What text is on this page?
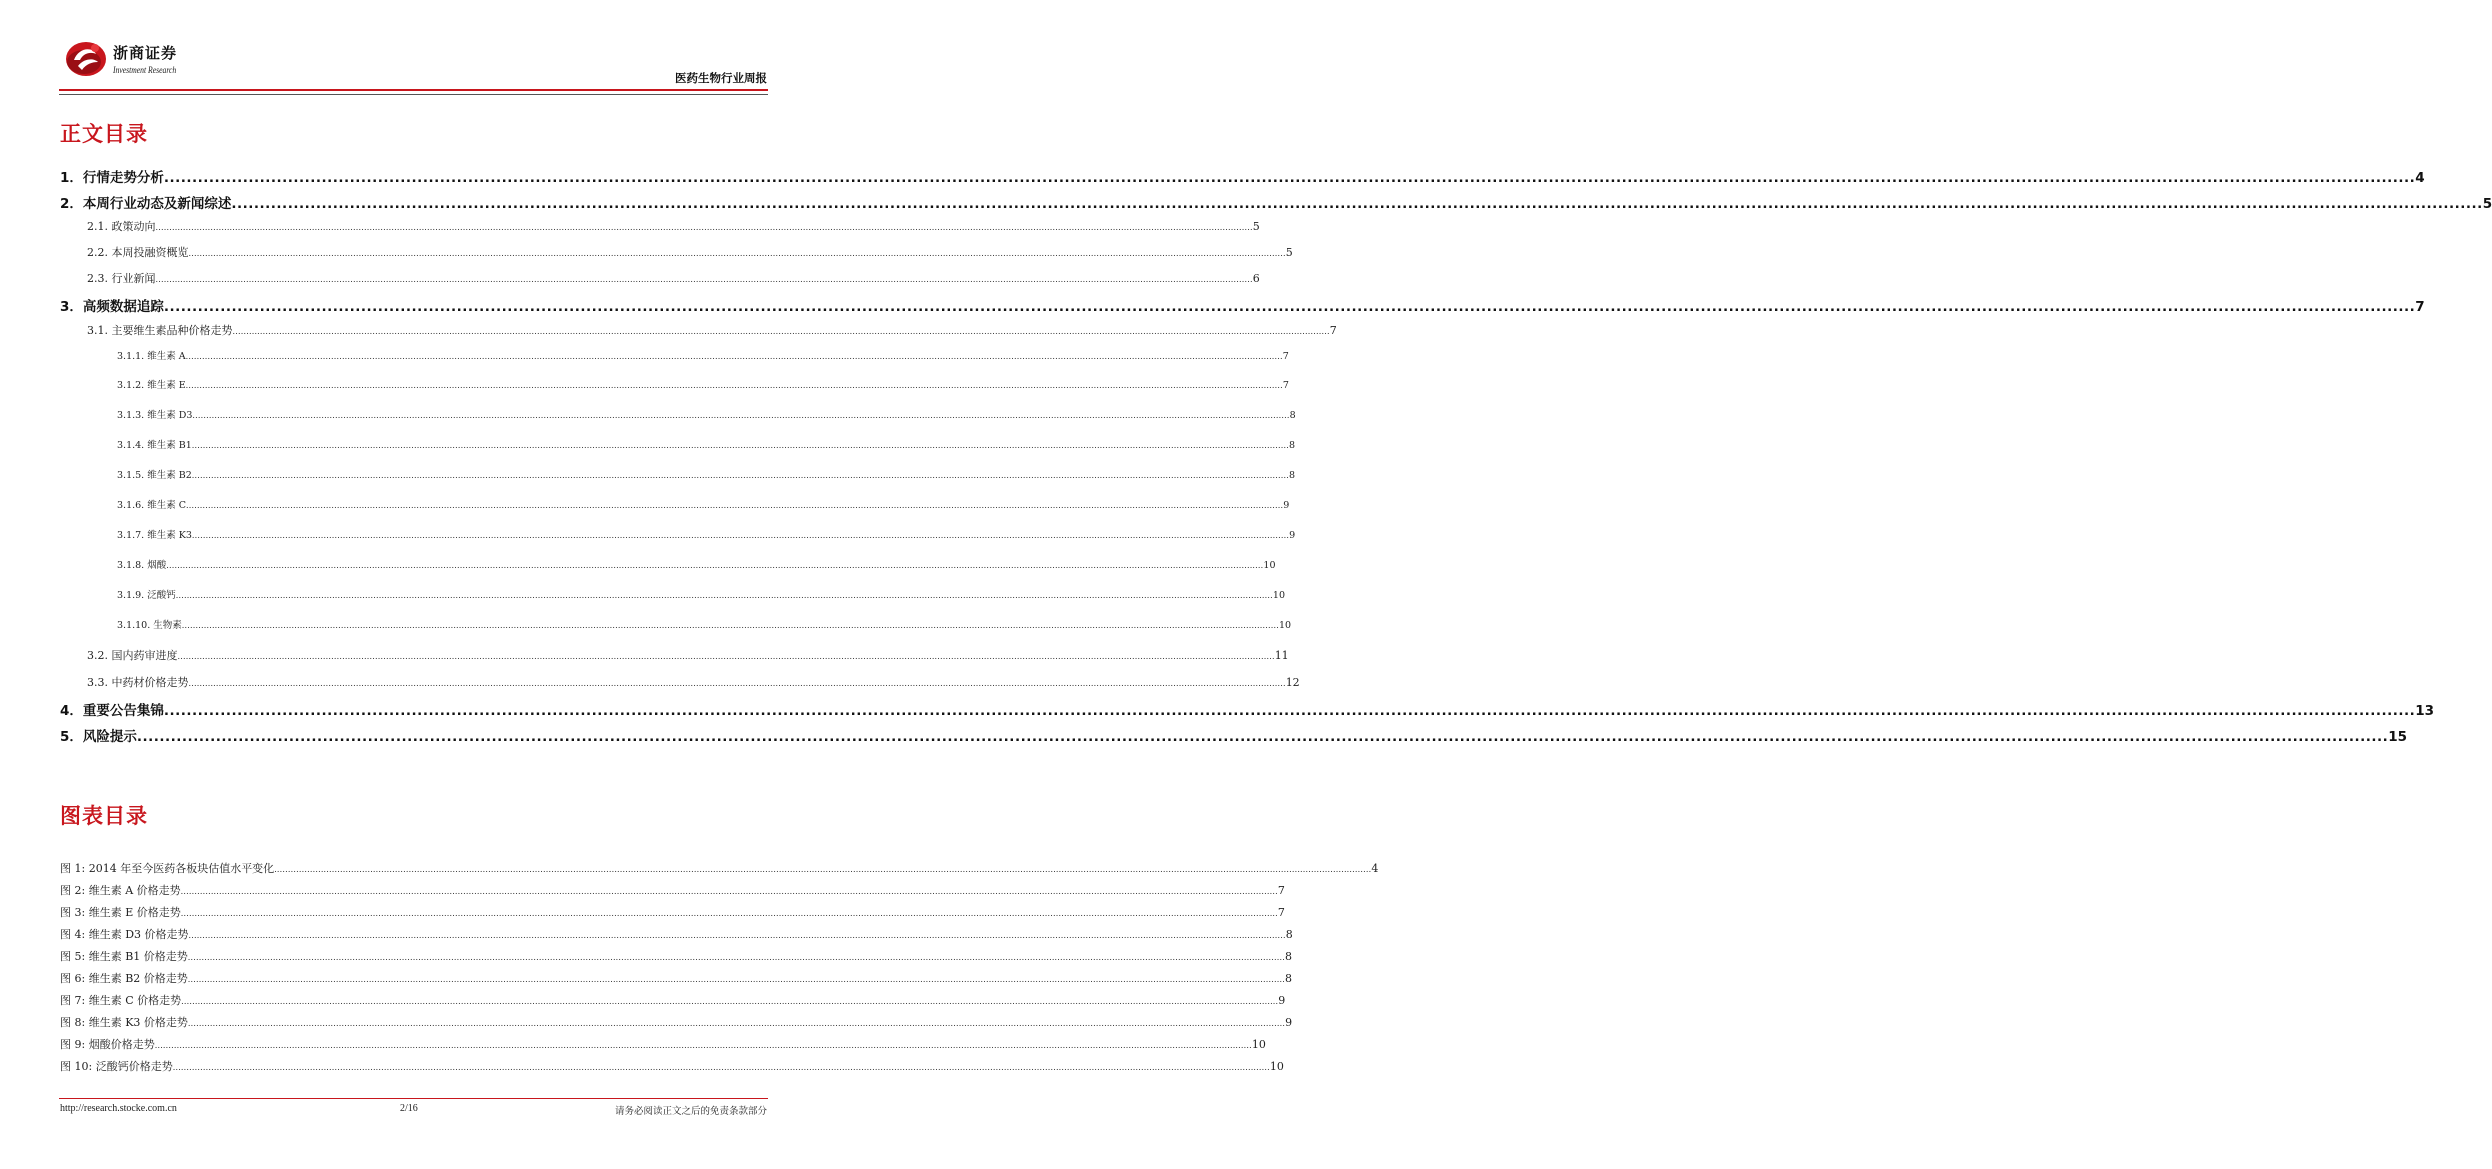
浙商证券
Investment Research
医药生物行业周报
正文目录
1．行情走势分析 ................................................................................................................................................................................................................................................................................................................................................................................................................ 4
2．本周行业动态及新闻综述 ................................................................................................................................................................................................................................................................................................................................................................................................................ 5
2.1. 政策动向 ................................................................................................................................................................................................................................................................................................................................................................................................................ 5
2.2. 本周投融资概览 ................................................................................................................................................................................................................................................................................................................................................................................................................ 5
2.3. 行业新闻 ................................................................................................................................................................................................................................................................................................................................................................................................................ 6
3．高频数据追踪 ................................................................................................................................................................................................................................................................................................................................................................................................................ 7
3.1. 主要维生素品种价格走势 ................................................................................................................................................................................................................................................................................................................................................................................................................ 7
3.1.1. 维生素 A ................................................................................................................................................................................................................................................................................................................................................................................................................ 7
3.1.2. 维生素 E ................................................................................................................................................................................................................................................................................................................................................................................................................ 7
3.1.3. 维生素 D3 ................................................................................................................................................................................................................................................................................................................................................................................................................ 8
3.1.4. 维生素 B1 ................................................................................................................................................................................................................................................................................................................................................................................................................ 8
3.1.5. 维生素 B2 ................................................................................................................................................................................................................................................................................................................................................................................................................ 8
3.1.6. 维生素 C ................................................................................................................................................................................................................................................................................................................................................................................................................ 9
3.1.7. 维生素 K3 ................................................................................................................................................................................................................................................................................................................................................................................................................ 9
3.1.8. 烟酸 ................................................................................................................................................................................................................................................................................................................................................................................................................ 10
3.1.9. 泛酸钙 ................................................................................................................................................................................................................................................................................................................................................................................................................ 10
3.1.10. 生物素 ................................................................................................................................................................................................................................................................................................................................................................................................................ 10
3.2. 国内药审进度 ................................................................................................................................................................................................................................................................................................................................................................................................................ 11
3.3. 中药材价格走势 ................................................................................................................................................................................................................................................................................................................................................................................................................ 12
4．重要公告集锦 ................................................................................................................................................................................................................................................................................................................................................................................................................ 13
5．风险提示 ................................................................................................................................................................................................................................................................................................................................................................................................................ 15
图表目录
图 1: 2014 年至今医药各板块估值水平变化 ................................................................................................................................................................................................................................................................................................................................................................................................................ 4
图 2: 维生素 A 价格走势 ................................................................................................................................................................................................................................................................................................................................................................................................................ 7
图 3: 维生素 E 价格走势 ................................................................................................................................................................................................................................................................................................................................................................................................................ 7
图 4: 维生素 D3 价格走势 ................................................................................................................................................................................................................................................................................................................................................................................................................ 8
图 5: 维生素 B1 价格走势 ................................................................................................................................................................................................................................................................................................................................................................................................................ 8
图 6: 维生素 B2 价格走势 ................................................................................................................................................................................................................................................................................................................................................................................................................ 8
图 7: 维生素 C 价格走势 ................................................................................................................................................................................................................................................................................................................................................................................................................ 9
图 8: 维生素 K3 价格走势 ................................................................................................................................................................................................................................................................................................................................................................................................................ 9
图 9: 烟酸价格走势 ................................................................................................................................................................................................................................................................................................................................................................................................................ 10
图 10: 泛酸钙价格走势 ................................................................................................................................................................................................................................................................................................................................................................................................................ 10
http://research.stocke.com.cn	2/16	请务必阅读正文之后的免责条款部分
